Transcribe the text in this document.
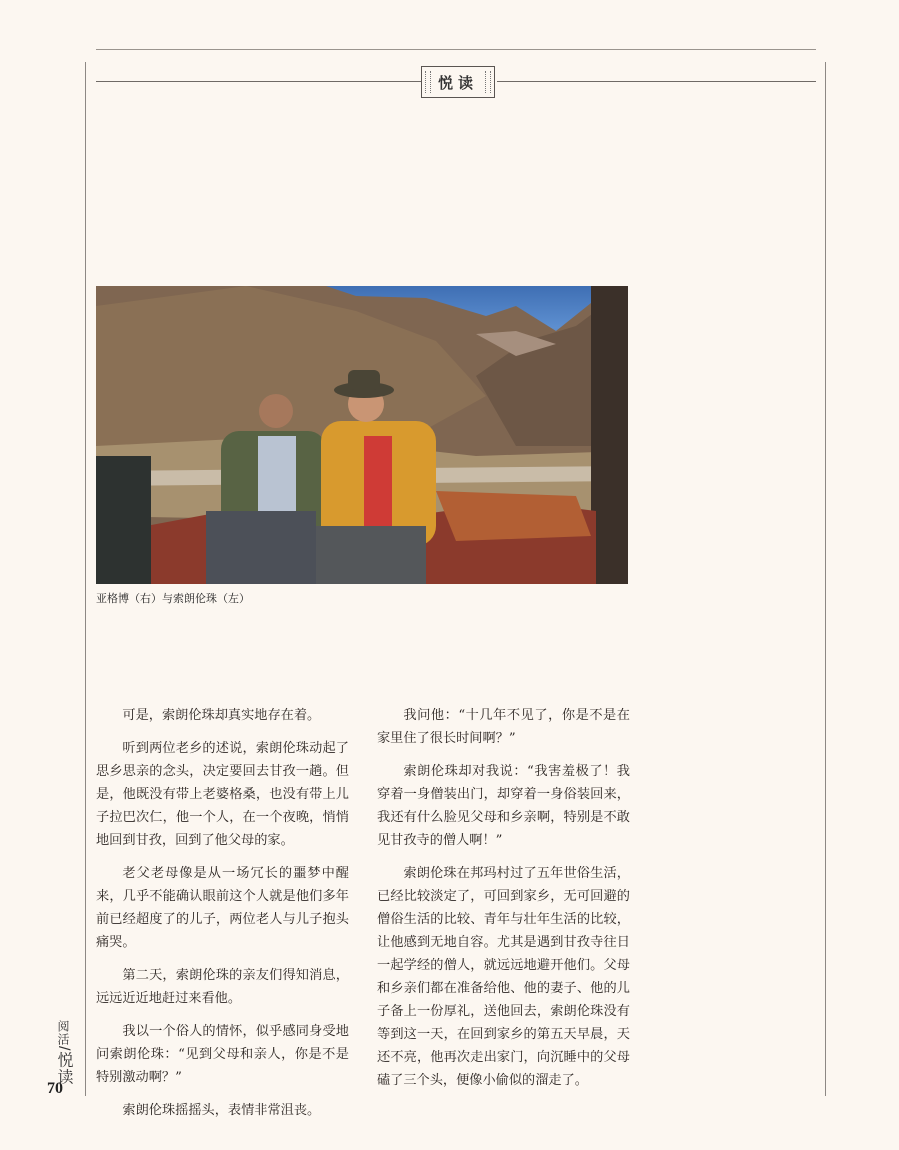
悦读
亚格博（右）与索朗伦珠（左）

可是，索朗伦珠却真实地存在着。

听到两位老乡的述说，索朗伦珠动起了思乡思亲的念头，决定要回去甘孜一趟。但是，他既没有带上老婆格桑，也没有带上儿子拉巴次仁，他一个人，在一个夜晚，悄悄地回到甘孜，回到了他父母的家。

老父老母像是从一场冗长的噩梦中醒来，几乎不能确认眼前这个人就是他们多年前已经超度了的儿子，两位老人与儿子抱头痛哭。

第二天，索朗伦珠的亲友们得知消息，远远近近地赶过来看他。

我以一个俗人的情怀，似乎感同身受地问索朗伦珠：“见到父母和亲人，你是不是特别激动啊？”

索朗伦珠摇摇头，表情非常沮丧。

我问他：“十几年不见了，你是不是在家里住了很长时间啊？”

索朗伦珠却对我说：“我害羞极了！我穿着一身僧装出门，却穿着一身俗装回来，我还有什么脸见父母和乡亲啊，特别是不敢见甘孜寺的僧人啊！”

索朗伦珠在邦玛村过了五年世俗生活，已经比较淡定了，可回到家乡，无可回避的僧俗生活的比较、青年与壮年生活的比较，让他感到无地自容。尤其是遇到甘孜寺往日一起学经的僧人，就远远地避开他们。父母和乡亲们都在准备给他、他的妻子、他的儿子备上一份厚礼，送他回去，索朗伦珠没有等到这一天，在回到家乡的第五天早晨，天还不亮，他再次走出家门，向沉睡中的父母磕了三个头，便像小偷似的溜走了。

阅活/悦读
70
